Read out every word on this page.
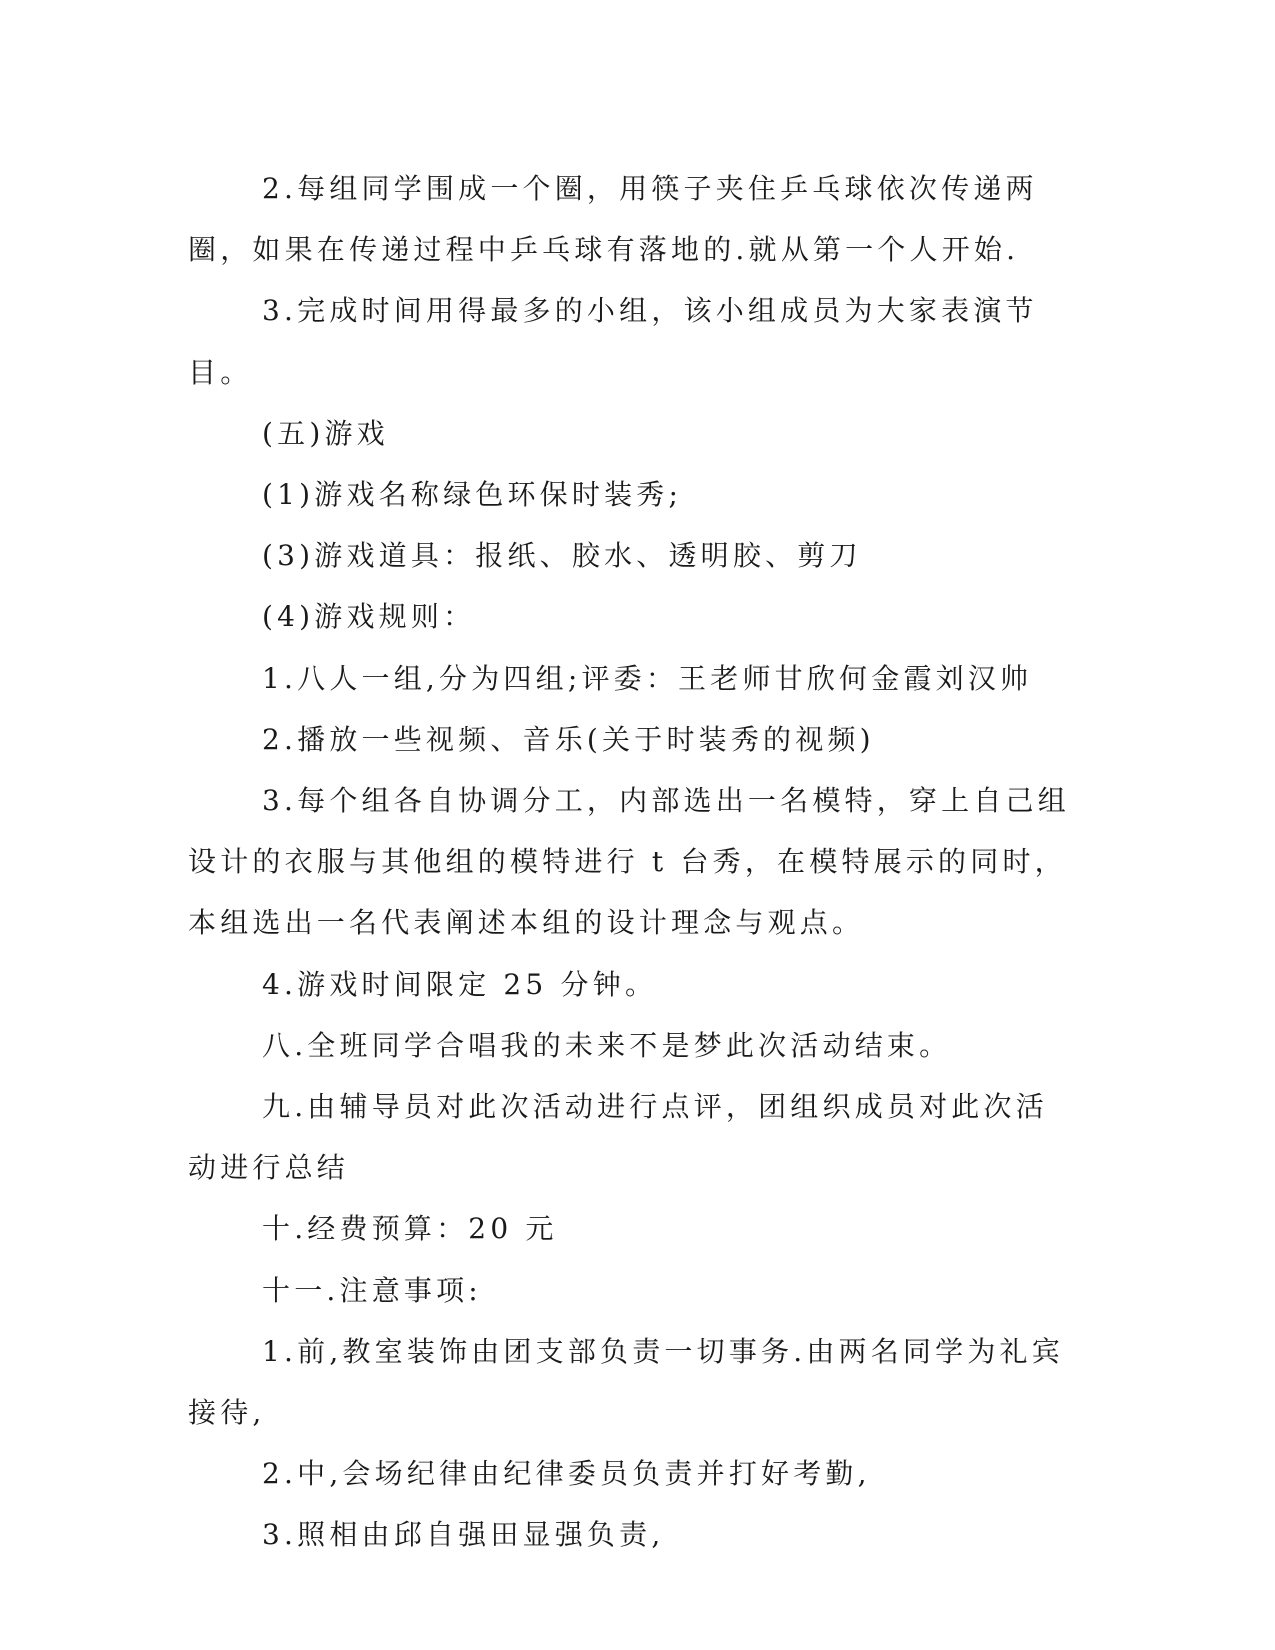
2.每组同学围成一个圈，用筷子夹住乒乓球依次传递两圈，如果在传递过程中乒乓球有落地的.就从第一个人开始.

3.完成时间用得最多的小组，该小组成员为大家表演节目。

(五)游戏

(1)游戏名称绿色环保时装秀;

(3)游戏道具：报纸、胶水、透明胶、剪刀

(4)游戏规则：

1.八人一组,分为四组;评委：王老师甘欣何金霞刘汉帅

2.播放一些视频、音乐(关于时装秀的视频)

3.每个组各自协调分工，内部选出一名模特，穿上自己组设计的衣服与其他组的模特进行 t 台秀，在模特展示的同时，本组选出一名代表阐述本组的设计理念与观点。

4.游戏时间限定 25 分钟。

八.全班同学合唱我的未来不是梦此次活动结束。

九.由辅导员对此次活动进行点评，团组织成员对此次活动进行总结

十.经费预算：20 元

十一.注意事项:

1.前,教室装饰由团支部负责一切事务.由两名同学为礼宾接待,

2.中,会场纪律由纪律委员负责并打好考勤,

3.照相由邱自强田显强负责,
